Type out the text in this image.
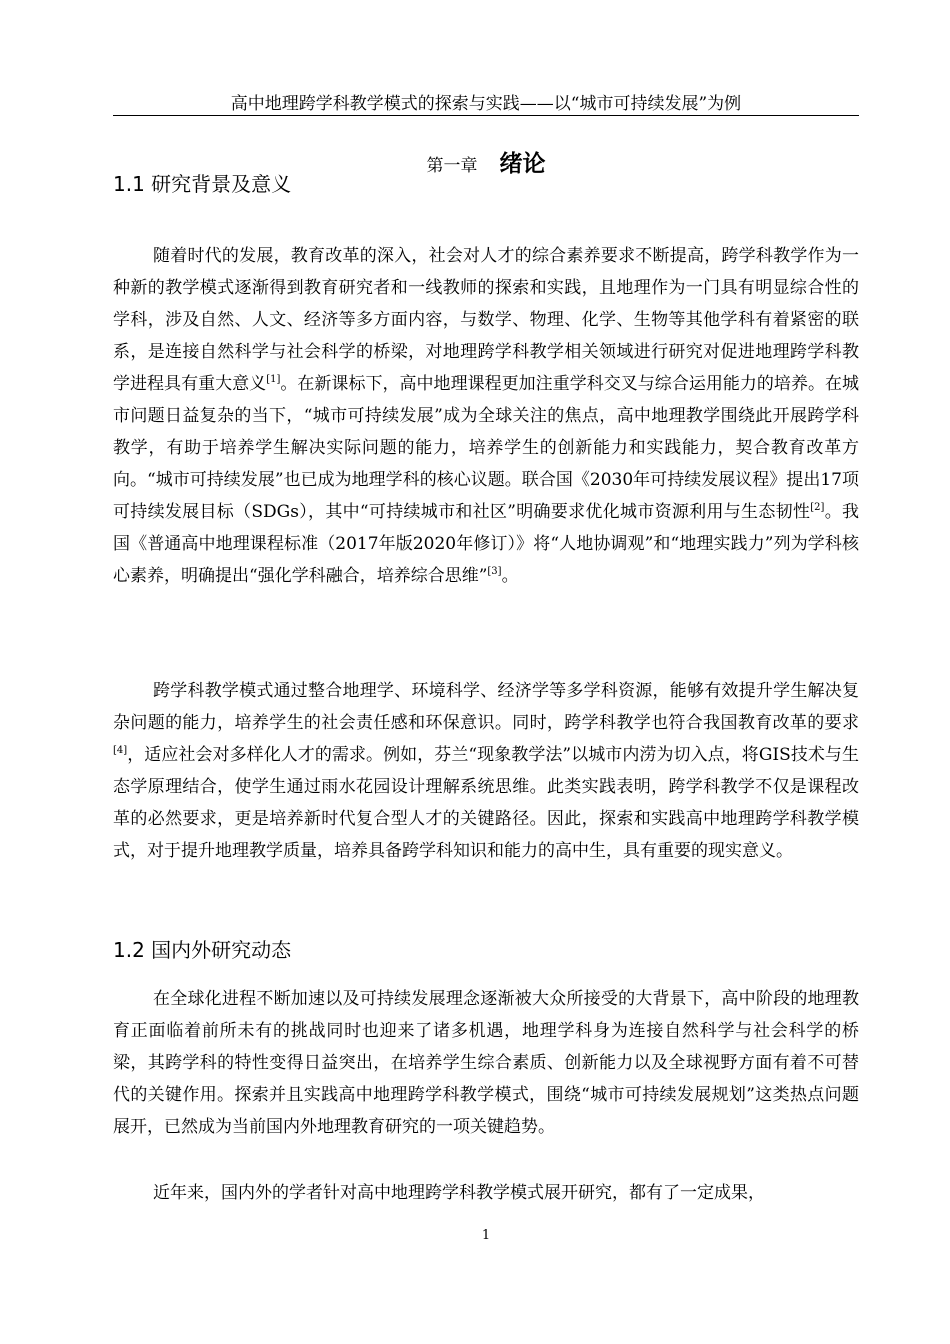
高中地理跨学科教学模式的探索与实践——以“城市可持续发展”为例
第一章 绪论
1.1 研究背景及意义

随着时代的发展，教育改革的深入，社会对人才的综合素养要求不断提高，跨学科教学作为一种新的教学模式逐渐得到教育研究者和一线教师的探索和实践，且地理作为一门具有明显综合性的学科，涉及自然、人文、经济等多方面内容，与数学、物理、化学、生物等其他学科有着紧密的联系，是连接自然科学与社会科学的桥梁，对地理跨学科教学相关领域进行研究对促进地理跨学科教学进程具有重大意义[1]。在新课标下，高中地理课程更加注重学科交叉与综合运用能力的培养。在城市问题日益复杂的当下，“城市可持续发展”成为全球关注的焦点，高中地理教学围绕此开展跨学科教学，有助于培养学生解决实际问题的能力，培养学生的创新能力和实践能力，契合教育改革方向。“城市可持续发展”也已成为地理学科的核心议题。联合国《2030年可持续发展议程》提出17项可持续发展目标（SDGs），其中“可持续城市和社区”明确要求优化城市资源利用与生态韧性[2]。我国《普通高中地理课程标准（2017年版2020年修订）》将“人地协调观”和“地理实践力”列为学科核心素养，明确提出“强化学科融合，培养综合思维”[3]。

跨学科教学模式通过整合地理学、环境科学、经济学等多学科资源，能够有效提升学生解决复杂问题的能力，培养学生的社会责任感和环保意识。同时，跨学科教学也符合我国教育改革的要求[4]，适应社会对多样化人才的需求。例如，芬兰“现象教学法”以城市内涝为切入点，将GIS技术与生态学原理结合，使学生通过雨水花园设计理解系统思维。此类实践表明，跨学科教学不仅是课程改革的必然要求，更是培养新时代复合型人才的关键路径。因此，探索和实践高中地理跨学科教学模式，对于提升地理教学质量，培养具备跨学科知识和能力的高中生，具有重要的现实意义。

1.2 国内外研究动态

在全球化进程不断加速以及可持续发展理念逐渐被大众所接受的大背景下，高中阶段的地理教育正面临着前所未有的挑战同时也迎来了诸多机遇，地理学科身为连接自然科学与社会科学的桥梁，其跨学科的特性变得日益突出，在培养学生综合素质、创新能力以及全球视野方面有着不可替代的关键作用。探索并且实践高中地理跨学科教学模式，围绕“城市可持续发展规划”这类热点问题展开，已然成为当前国内外地理教育研究的一项关键趋势。

近年来，国内外的学者针对高中地理跨学科教学模式展开研究，都有了一定成果，

1
